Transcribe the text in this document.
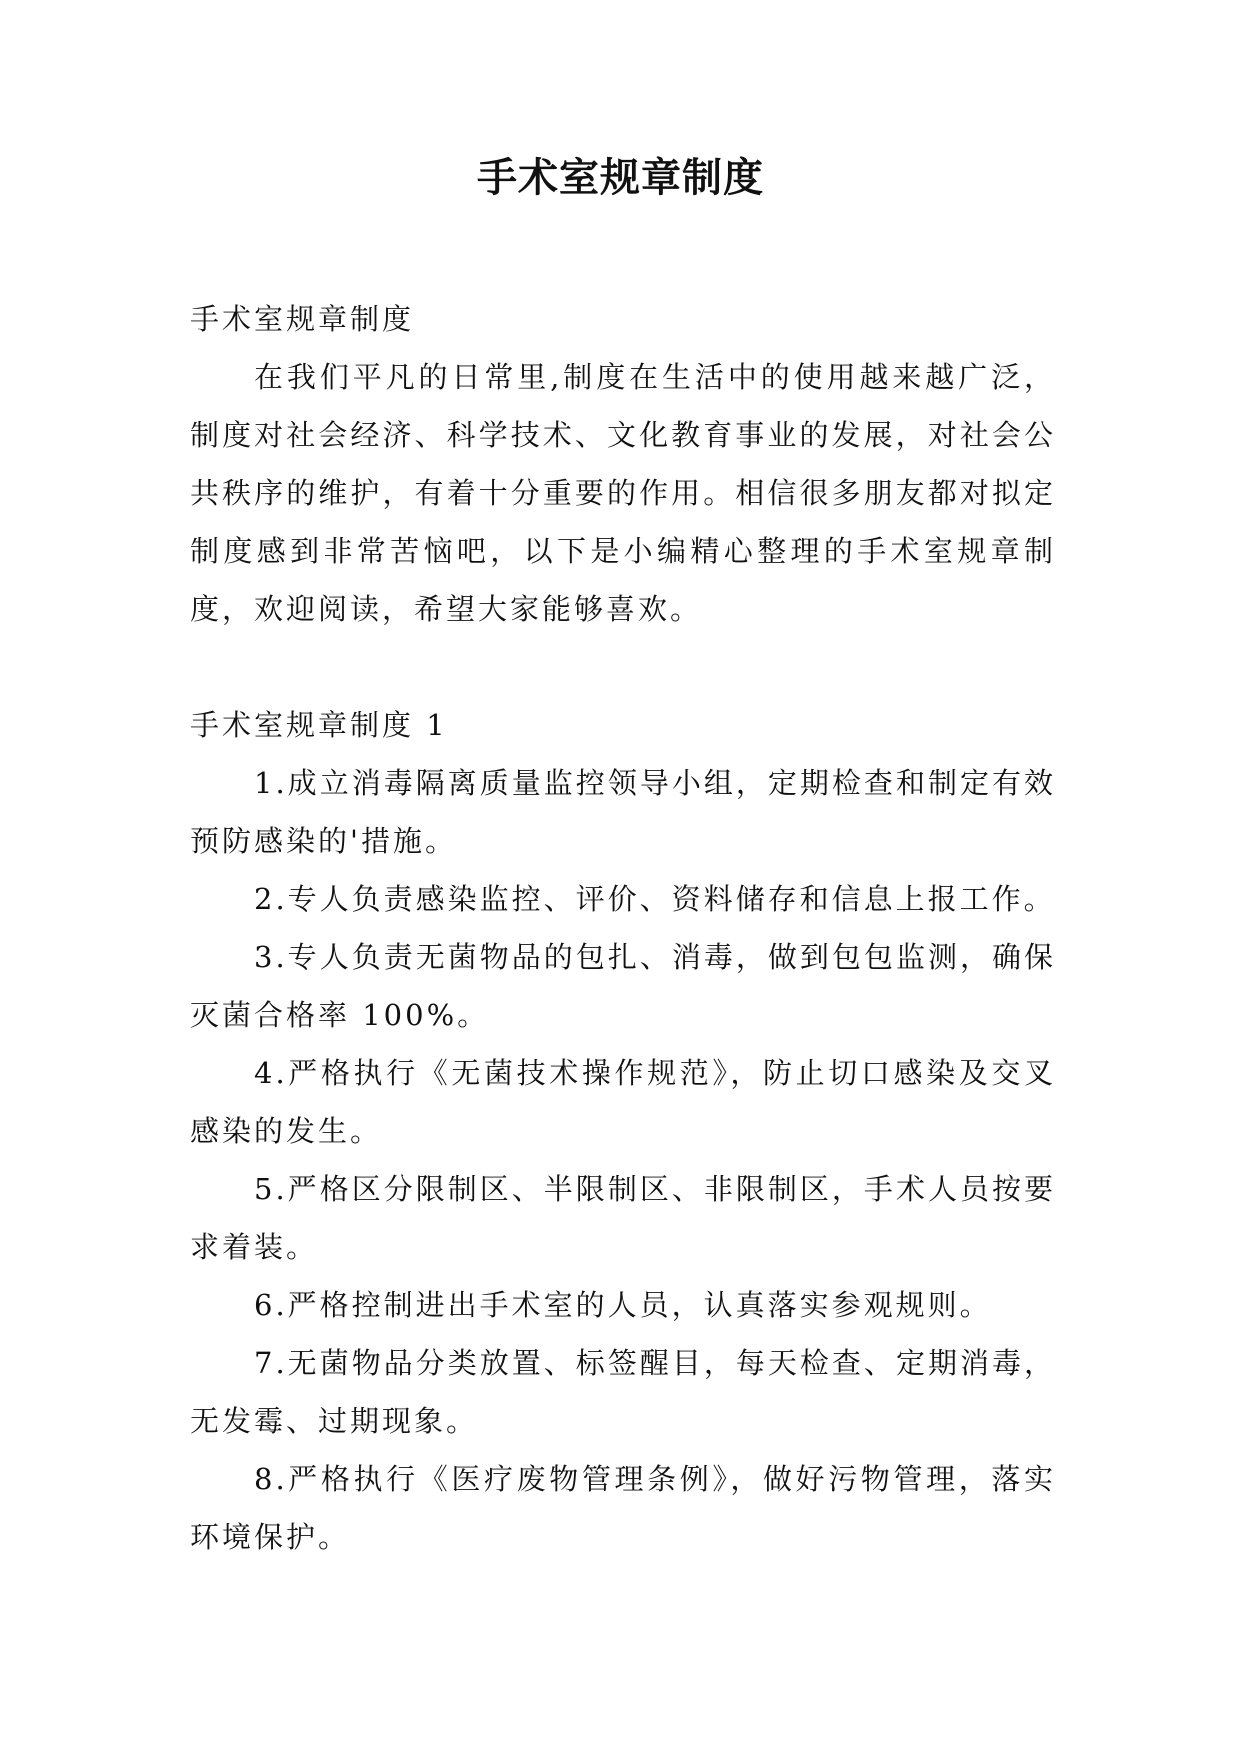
手术室规章制度

手术室规章制度

在我们平凡的日常里,制度在生活中的使用越来越广泛，制度对社会经济、科学技术、文化教育事业的发展，对社会公共秩序的维护，有着十分重要的作用。相信很多朋友都对拟定制度感到非常苦恼吧，以下是小编精心整理的手术室规章制度，欢迎阅读，希望大家能够喜欢。

手术室规章制度 1

1.成立消毒隔离质量监控领导小组，定期检查和制定有效预防感染的'措施。

2.专人负责感染监控、评价、资料储存和信息上报工作。

3.专人负责无菌物品的包扎、消毒，做到包包监测，确保灭菌合格率 100%。

4.严格执行《无菌技术操作规范》，防止切口感染及交叉感染的发生。

5.严格区分限制区、半限制区、非限制区，手术人员按要求着装。

6.严格控制进出手术室的人员，认真落实参观规则。

7.无菌物品分类放置、标签醒目，每天检查、定期消毒，无发霉、过期现象。

8.严格执行《医疗废物管理条例》，做好污物管理，落实环境保护。
